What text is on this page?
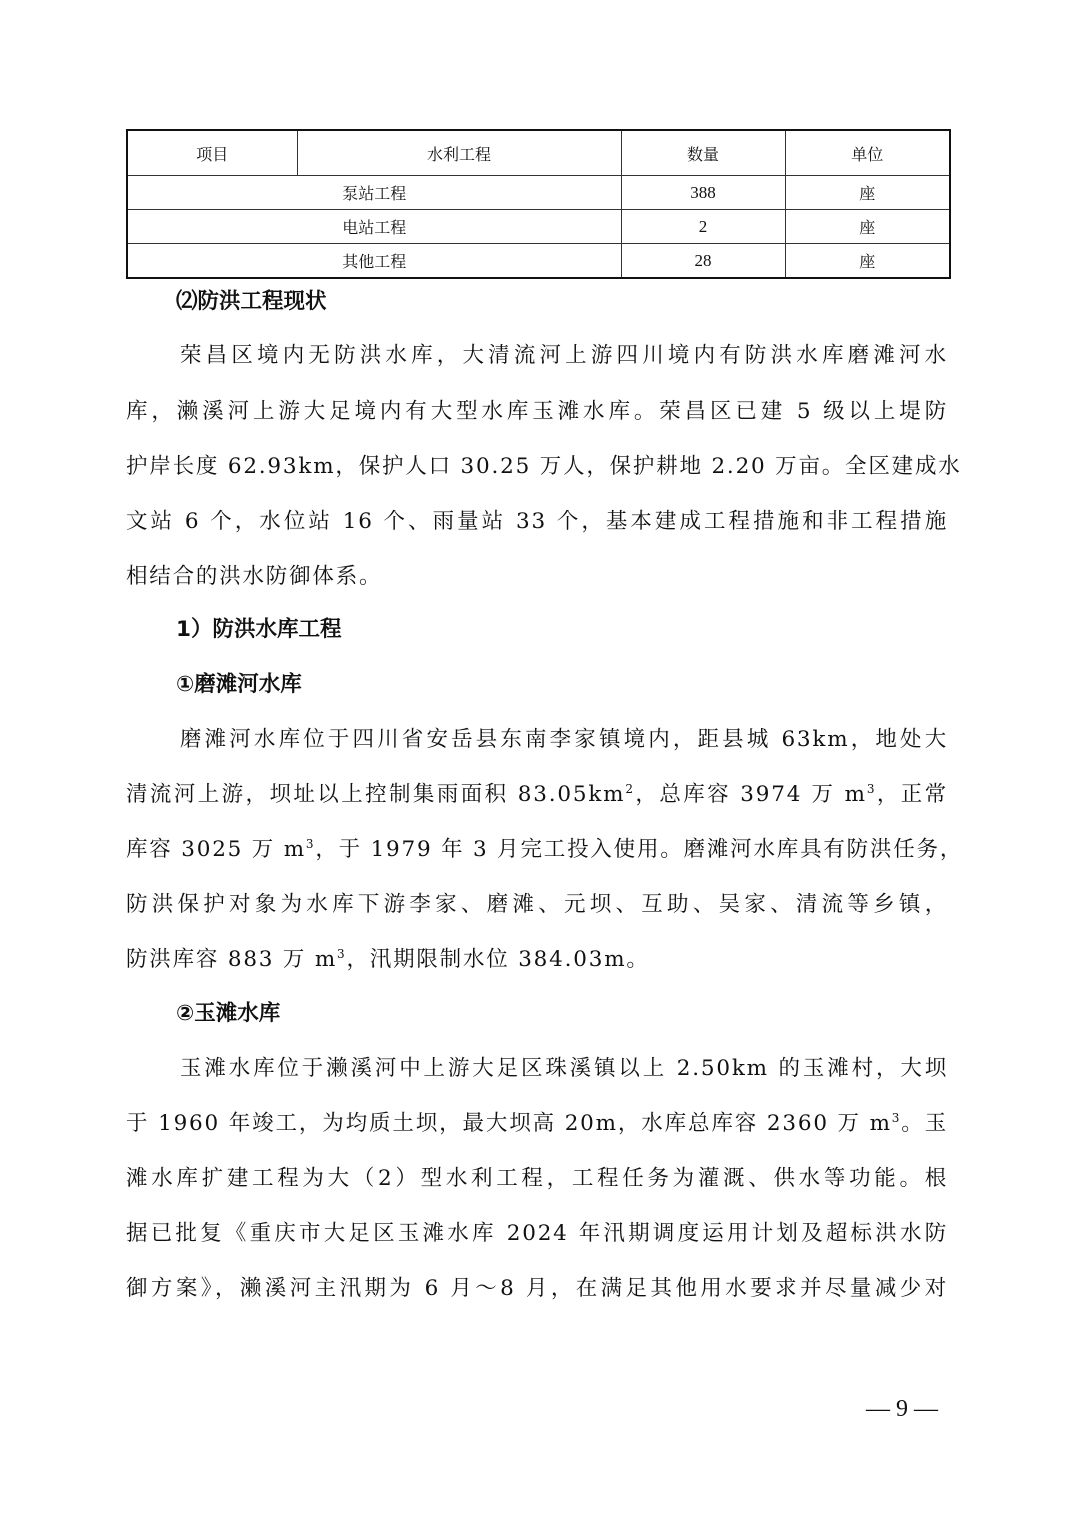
项目	水利工程	数量	单位
泵站工程		388	座
电站工程		2	座
其他工程		28	座
⑵防洪工程现状
荣昌区境内无防洪水库，大清流河上游四川境内有防洪水库磨滩河水
库，濑溪河上游大足境内有大型水库玉滩水库。荣昌区已建 5 级以上堤防
护岸长度 62.93km，保护人口 30.25 万人，保护耕地 2.20 万亩。全区建成水
文站 6 个，水位站 16 个、雨量站 33 个，基本建成工程措施和非工程措施
相结合的洪水防御体系。
1）防洪水库工程
①磨滩河水库
磨滩河水库位于四川省安岳县东南李家镇境内，距县城 63km，地处大
清流河上游，坝址以上控制集雨面积 $83.05km^2$，总库容 3974 万 $m^3$，正常
库容 3025 万 $m^3$，于 1979 年 3 月完工投入使用。磨滩河水库具有防洪任务，
防洪保护对象为水库下游李家、磨滩、元坝、互助、吴家、清流等乡镇，
防洪库容 883 万 $m^3$，汛期限制水位 384.03m。
②玉滩水库
玉滩水库位于濑溪河中上游大足区珠溪镇以上 2.50km 的玉滩村，大坝
于 1960 年竣工，为均质土坝，最大坝高 20m，水库总库容 2360 万 $m^3$。玉
滩水库扩建工程为大（2）型水利工程，工程任务为灌溉、供水等功能。根
据已批复《重庆市大足区玉滩水库 2024 年汛期调度运用计划及超标洪水防
御方案》，濑溪河主汛期为 6 月～8 月，在满足其他用水要求并尽量减少对
— 9 —
